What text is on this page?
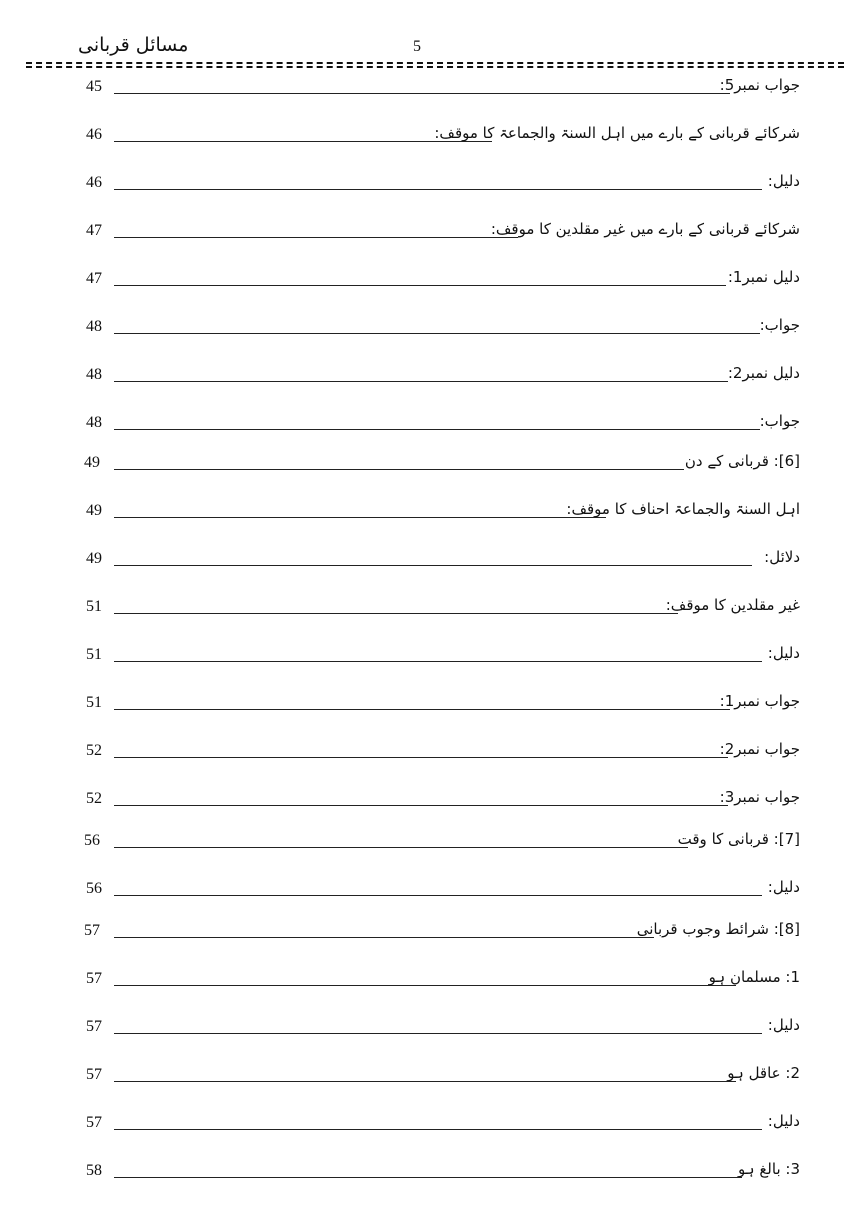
مسائل قربانی	5
جواب نمبر5:
45
شرکائے قربانی کے بارے میں اہل السنۃ والجماعۃ کا موقف:
46
دلیل:
46
شرکائے قربانی کے بارے میں غیر مقلدین کا موقف:
47
دلیل نمبر1:
47
جواب:
48
دلیل نمبر2:
48
جواب:
48
[6]: قربانی کے دن
49
اہل السنۃ والجماعۃ احناف کا موقف:
49
دلائل:
49
غیر مقلدین کا موقف:
51
دلیل:
51
جواب نمبر1:
51
جواب نمبر2:
52
جواب نمبر3:
52
[7]: قربانی کا وقت
56
دلیل:
56
[8]: شرائط وجوب قربانی
57
1: مسلمان ہو
57
دلیل:
57
2: عاقل ہو
57
دلیل:
57
3: بالغ ہو
58
